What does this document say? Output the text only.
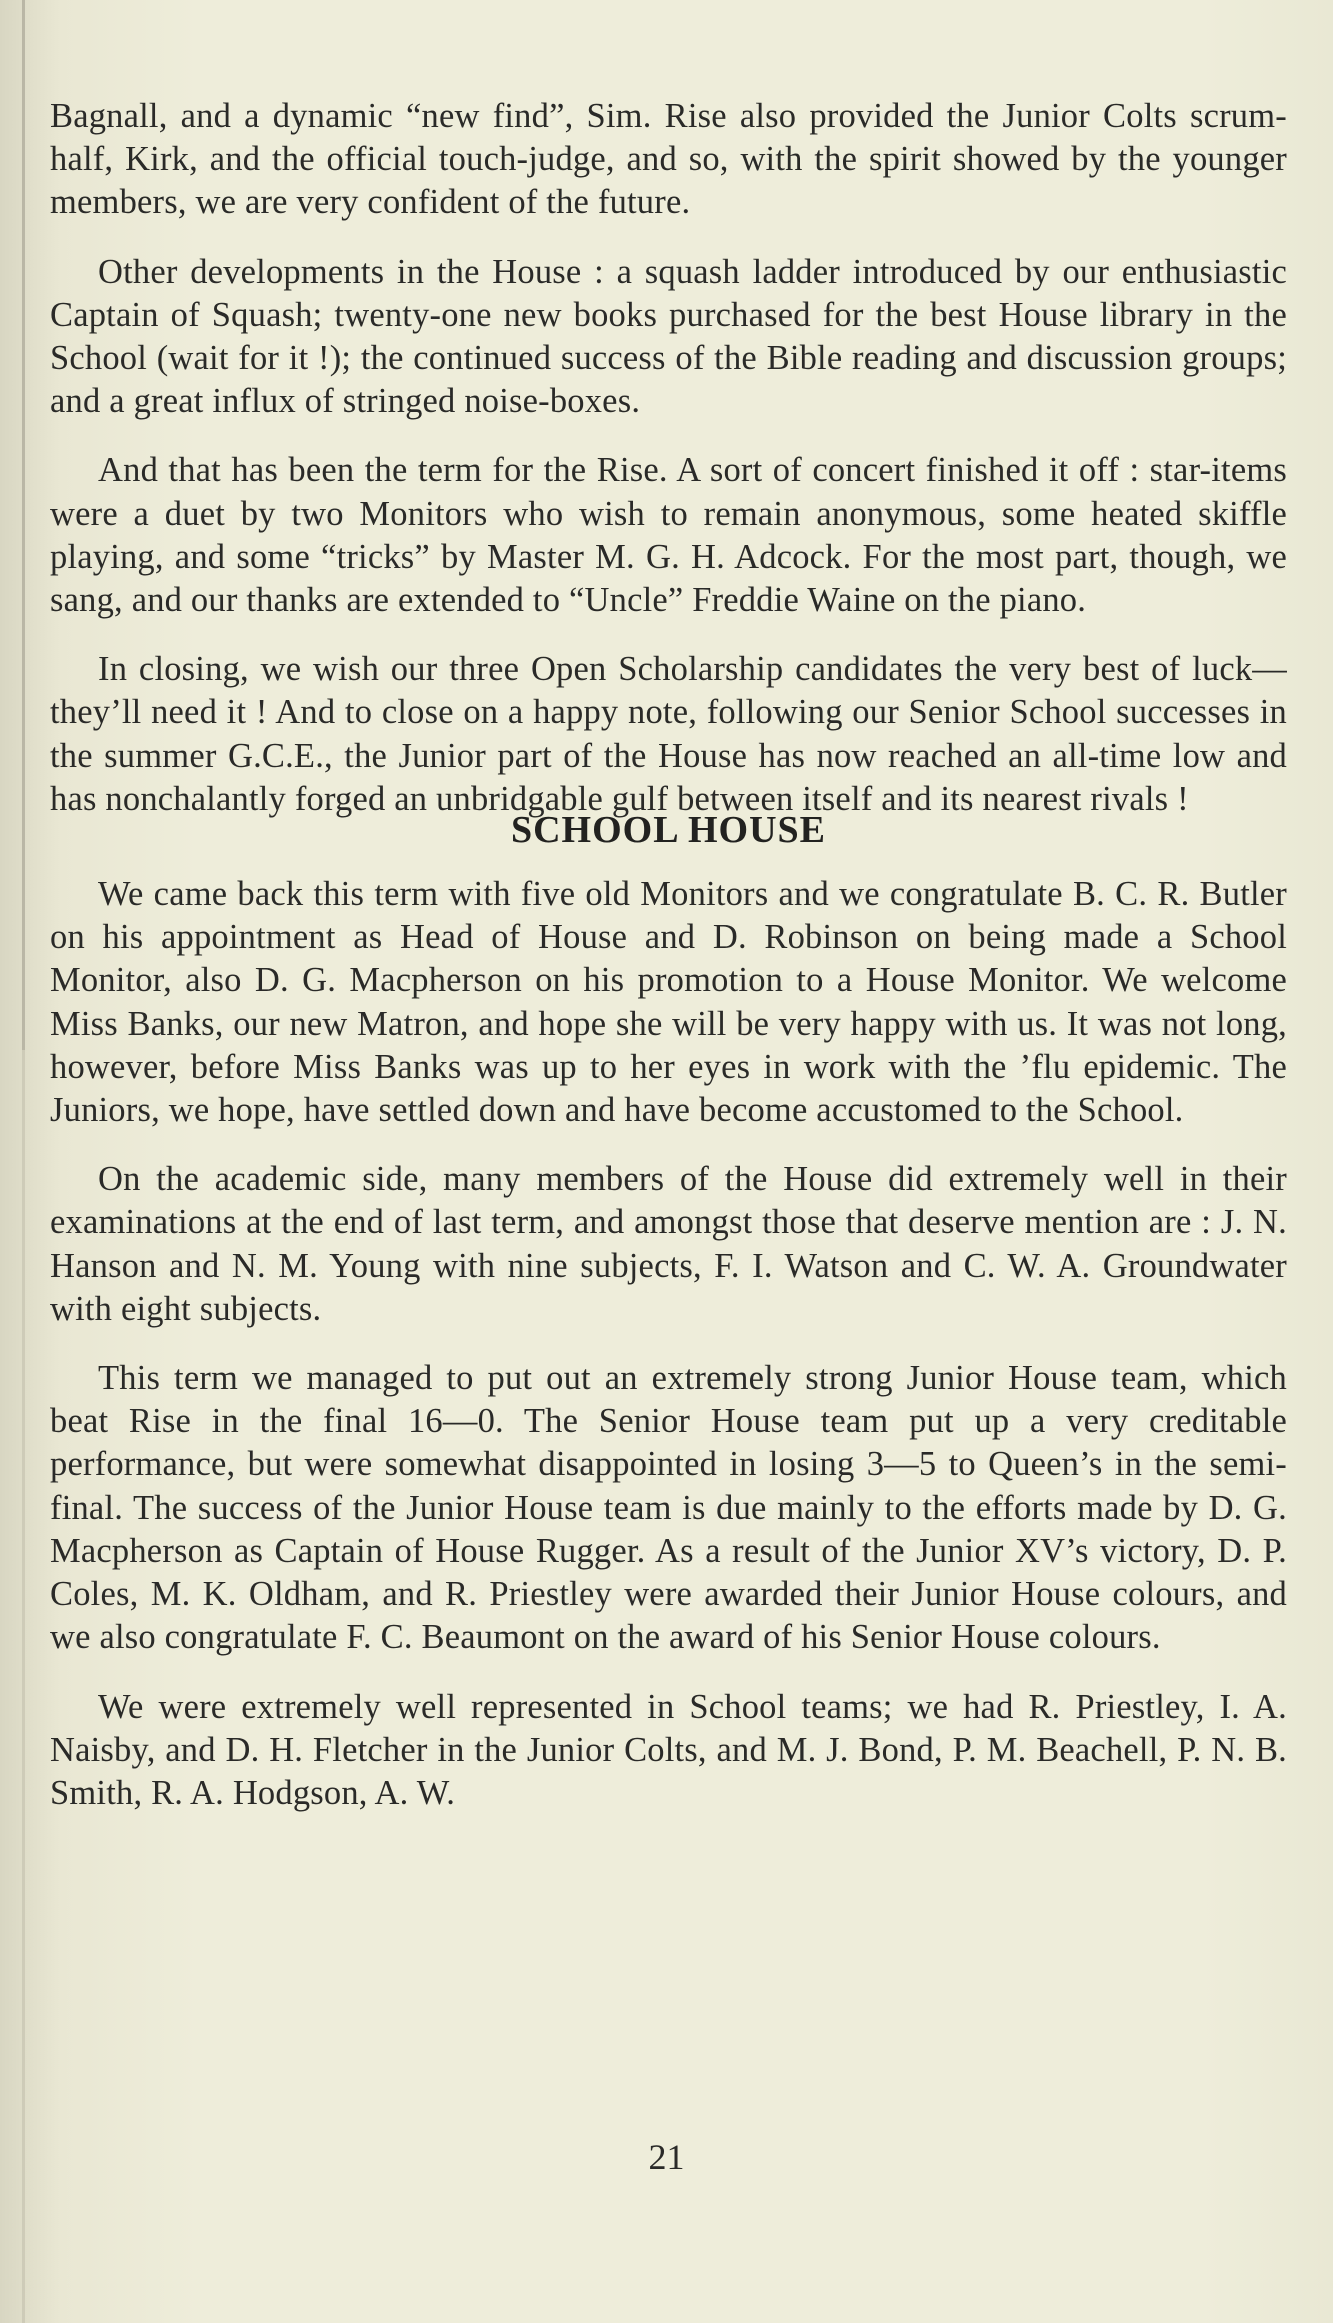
Bagnall, and a dynamic “new find”, Sim. Rise also provided the Junior Colts scrum-half, Kirk, and the official touch-judge, and so, with the spirit showed by the younger members, we are very confident of the future.

Other developments in the House : a squash ladder introduced by our enthusiastic Captain of Squash; twenty-one new books purchased for the best House library in the School (wait for it !); the continued success of the Bible reading and discussion groups; and a great influx of stringed noise-boxes.

And that has been the term for the Rise. A sort of concert finished it off : star-items were a duet by two Monitors who wish to remain anonymous, some heated skiffle playing, and some “tricks” by Master M. G. H. Adcock. For the most part, though, we sang, and our thanks are extended to “Uncle” Freddie Waine on the piano.

In closing, we wish our three Open Scholarship candidates the very best of luck—they’ll need it ! And to close on a happy note, following our Senior School successes in the summer G.C.E., the Junior part of the House has now reached an all-time low and has nonchalantly forged an unbridgable gulf between itself and its nearest rivals !

SCHOOL HOUSE

We came back this term with five old Monitors and we congratulate B. C. R. Butler on his appointment as Head of House and D. Robinson on being made a School Monitor, also D. G. Macpherson on his promotion to a House Monitor. We welcome Miss Banks, our new Matron, and hope she will be very happy with us. It was not long, however, before Miss Banks was up to her eyes in work with the ’flu epidemic. The Juniors, we hope, have settled down and have become accustomed to the School.

On the academic side, many members of the House did extremely well in their examinations at the end of last term, and amongst those that deserve mention are : J. N. Hanson and N. M. Young with nine subjects, F. I. Watson and C. W. A. Groundwater with eight subjects.

This term we managed to put out an extremely strong Junior House team, which beat Rise in the final 16—0. The Senior House team put up a very creditable performance, but were somewhat disappointed in losing 3—5 to Queen’s in the semi-final. The success of the Junior House team is due mainly to the efforts made by D. G. Macpherson as Captain of House Rugger. As a result of the Junior XV’s victory, D. P. Coles, M. K. Oldham, and R. Priestley were awarded their Junior House colours, and we also congratulate F. C. Beaumont on the award of his Senior House colours.

We were extremely well represented in School teams; we had R. Priestley, I. A. Naisby, and D. H. Fletcher in the Junior Colts, and M. J. Bond, P. M. Beachell, P. N. B. Smith, R. A. Hodgson, A. W.

21
